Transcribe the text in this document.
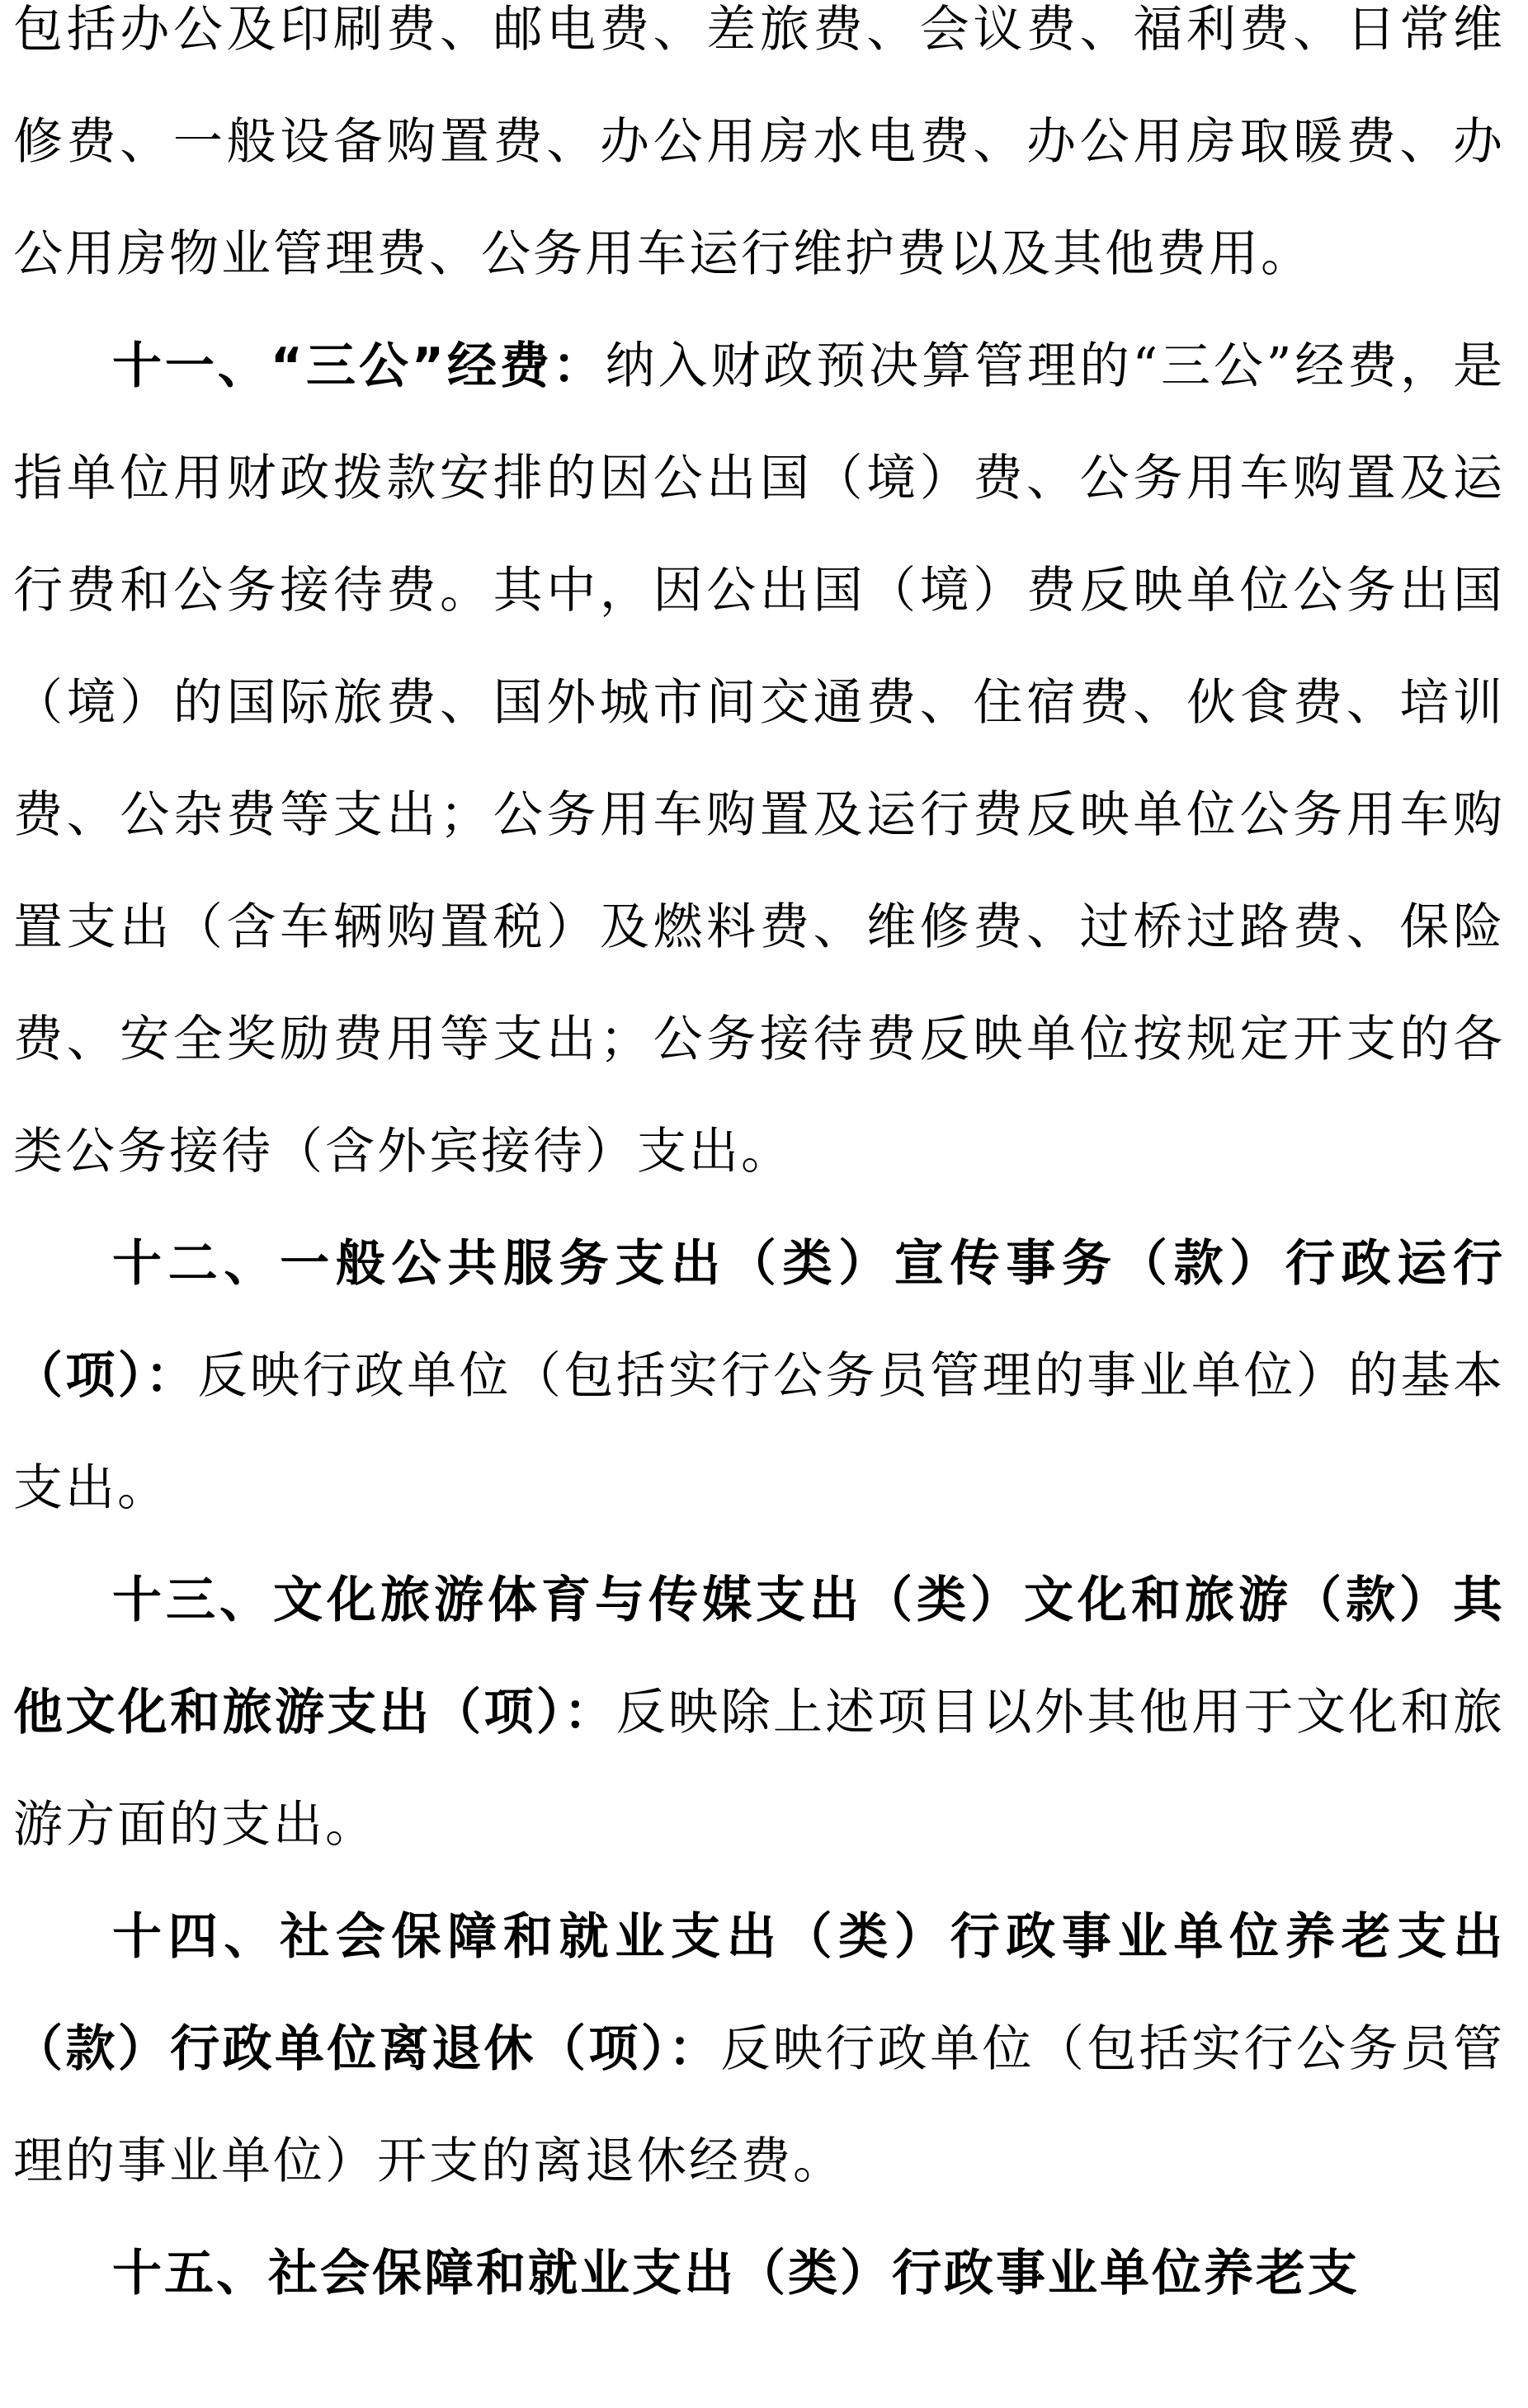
包括办公及印刷费、邮电费、差旅费、会议费、福利费、日常维修费、一般设备购置费、办公用房水电费、办公用房取暖费、办公用房物业管理费、公务用车运行维护费以及其他费用。

十一、“三公”经费：纳入财政预决算管理的“三公”经费，是指单位用财政拨款安排的因公出国（境）费、公务用车购置及运行费和公务接待费。其中，因公出国（境）费反映单位公务出国（境）的国际旅费、国外城市间交通费、住宿费、伙食费、培训费、公杂费等支出；公务用车购置及运行费反映单位公务用车购置支出（含车辆购置税）及燃料费、维修费、过桥过路费、保险费、安全奖励费用等支出；公务接待费反映单位按规定开支的各类公务接待（含外宾接待）支出。

十二、一般公共服务支出（类）宣传事务（款）行政运行（项）：反映行政单位（包括实行公务员管理的事业单位）的基本支出。

十三、文化旅游体育与传媒支出（类）文化和旅游（款）其他文化和旅游支出（项）：反映除上述项目以外其他用于文化和旅游方面的支出。

十四、社会保障和就业支出（类）行政事业单位养老支出（款）行政单位离退休（项）：反映行政单位（包括实行公务员管理的事业单位）开支的离退休经费。

十五、社会保障和就业支出（类）行政事业单位养老支
